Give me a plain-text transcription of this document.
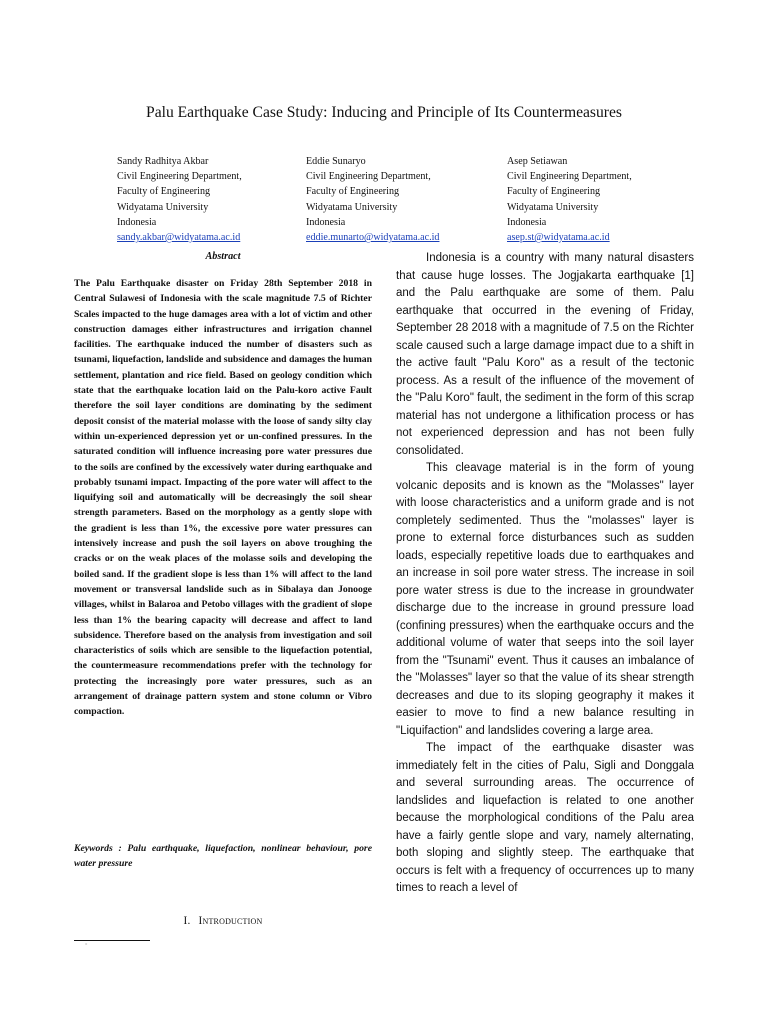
Palu Earthquake Case Study: Inducing and Principle of Its Countermeasures
Sandy Radhitya Akbar
Civil Engineering Department,
Faculty of Engineering
Widyatama University
Indonesia
sandy.akbar@widyatama.ac.id
Eddie Sunaryo
Civil Engineering Department,
Faculty of Engineering
Widyatama University
Indonesia
eddie.munarto@widyatama.ac.id
Asep Setiawan
Civil Engineering Department,
Faculty of Engineering
Widyatama University
Indonesia
asep.st@widyatama.ac.id
Abstract

The Palu Earthquake disaster on Friday 28th September 2018 in Central Sulawesi of Indonesia with the scale magnitude 7.5 of Richter Scales impacted to the huge damages area with a lot of victim and other construction damages either infrastructures and irrigation channel facilities. The earthquake induced the number of disasters such as tsunami, liquefaction, landslide and subsidence and damages the human settlement, plantation and rice field. Based on geology condition which state that the earthquake location laid on the Palu-koro active Fault therefore the soil layer conditions are dominating by the sediment deposit consist of the material molasse with the loose of sandy silty clay within un-experienced depression yet or un-confined pressures. In the saturated condition will influence increasing pore water pressures due to the soils are confined by the excessively water during earthquake and probably tsunami impact. Impacting of the pore water will affect to the liquifying soil and automatically will be decreasingly the soil shear strength parameters. Based on the morphology as a gently slope with the gradient is less than 1%, the excessive pore water pressures can intensively increase and push the soil layers on above troughing the cracks or on the weak places of the molasse soils and developing the boiled sand. If the gradient slope is less than 1% will affect to the land movement or transversal landslide such as in Sibalaya dan Jonooge villages, whilst in Balaroa and Petobo villages with the gradient of slope less than 1% the bearing capacity will decrease and affect to land subsidence. Therefore based on the analysis from investigation and soil characteristics of soils which are sensible to the liquefaction potential, the countermeasure recommendations prefer with the technology for protecting the increasingly pore water pressures, such as an arrangement of drainage pattern system and stone column or Vibro compaction.

Keywords : Palu earthquake, liquefaction, nonlinear behaviour, pore water pressure

I. Introduction
°

Indonesia is a country with many natural disasters that cause huge losses. The Jogjakarta earthquake [1] and the Palu earthquake are some of them. Palu earthquake that occurred in the evening of Friday, September 28 2018 with a magnitude of 7.5 on the Richter scale caused such a large damage impact due to a shift in the active fault "Palu Koro" as a result of the tectonic process. As a result of the influence of the movement of the "Palu Koro" fault, the sediment in the form of this scrap material has not undergone a lithification process or has not experienced depression and has not been fully consolidated.

This cleavage material is in the form of young volcanic deposits and is known as the "Molasses" layer with loose characteristics and a uniform grade and is not completely sedimented. Thus the "molasses" layer is prone to external force disturbances such as sudden loads, especially repetitive loads due to earthquakes and an increase in soil pore water stress. The increase in soil pore water stress is due to the increase in groundwater discharge due to the increase in ground pressure load (confining pressures) when the earthquake occurs and the additional volume of water that seeps into the soil layer from the "Tsunami" event. Thus it causes an imbalance of the "Molasses" layer so that the value of its shear strength decreases and due to its sloping geography it makes it easier to move to find a new balance resulting in "Liquifaction" and landslides covering a large area.

The impact of the earthquake disaster was immediately felt in the cities of Palu, Sigli and Donggala and several surrounding areas. The occurrence of landslides and liquefaction is related to one another because the morphological conditions of the Palu area have a fairly gentle slope and vary, namely alternating, both sloping and slightly steep. The earthquake that occurs is felt with a frequency of occurrences up to many times to reach a level of
